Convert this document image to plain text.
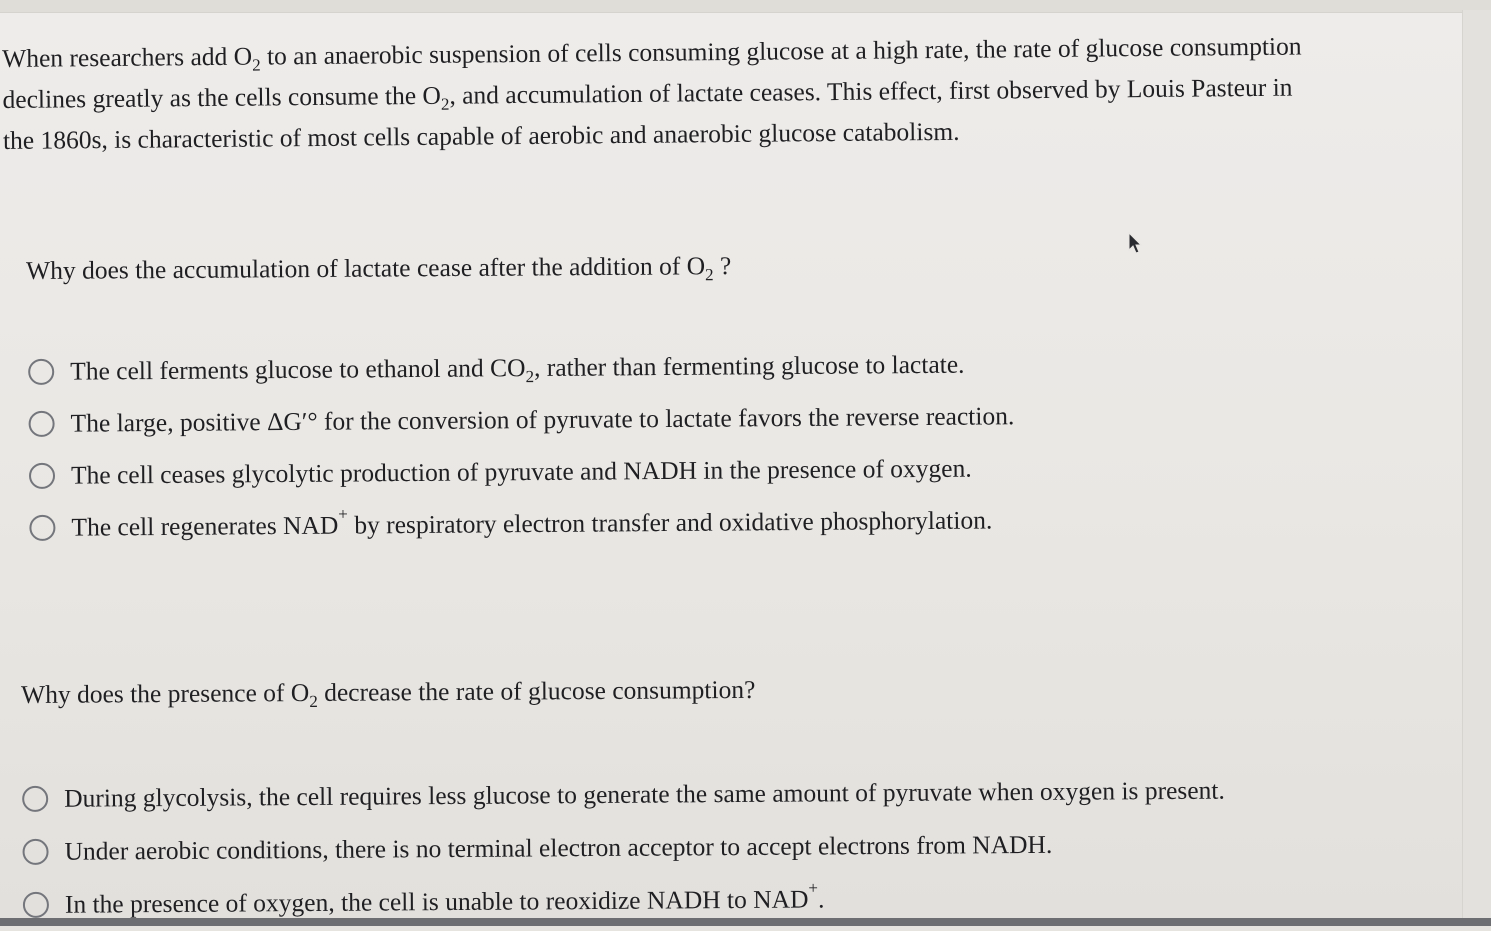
When researchers add $O_2$ to an anaerobic suspension of cells consuming glucose at a high rate, the rate of glucose consumption
declines greatly as the cells consume the $O_2$, and accumulation of lactate ceases. This effect, first observed by Louis Pasteur in
the 1860s, is characteristic of most cells capable of aerobic and anaerobic glucose catabolism.
Why does the accumulation of lactate cease after the addition of $O_2$ ?
The cell ferments glucose to ethanol and $CO_2$, rather than fermenting glucose to lactate.
The large, positive ΔG′° for the conversion of pyruvate to lactate favors the reverse reaction.
The cell ceases glycolytic production of pyruvate and NADH in the presence of oxygen.
The cell regenerates NAD+ by respiratory electron transfer and oxidative phosphorylation.
Why does the presence of $O_2$ decrease the rate of glucose consumption?
During glycolysis, the cell requires less glucose to generate the same amount of pyruvate when oxygen is present.
Under aerobic conditions, there is no terminal electron acceptor to accept electrons from NADH.
In the presence of oxygen, the cell is unable to reoxidize NADH to NAD+.
